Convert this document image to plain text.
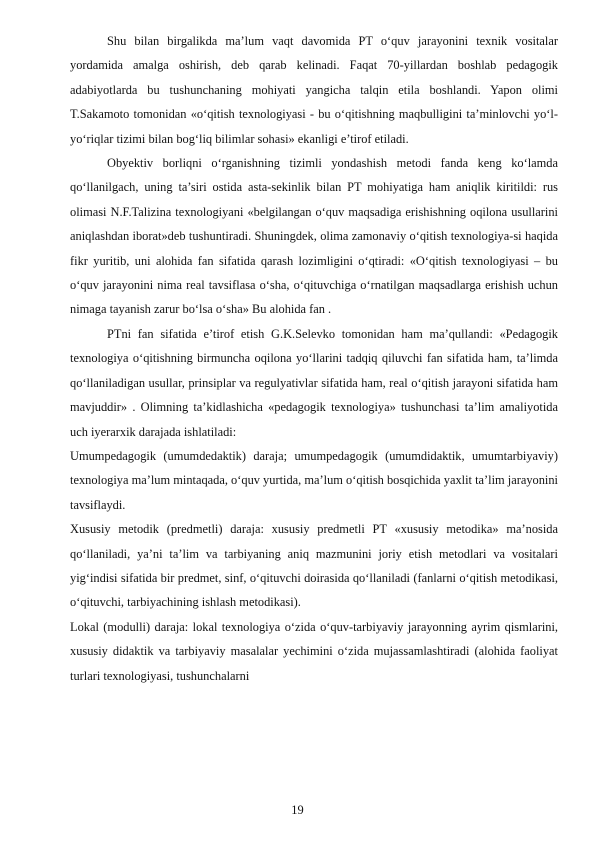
Shu bilan birgalikda ma’lum vaqt davomida PT o‘quv jarayonini texnik vositalar yordamida amalga oshirish, deb qarab kelinadi. Faqat 70-yillardan boshlab pedagogik adabiyotlarda bu tushunchaning mohiyati yangicha talqin etila boshlandi. Yapon olimi T.Sakamoto tomonidan «o‘qitish texnologiyasi - bu o‘qitishning maqbulligini ta’minlovchi yo‘l-yo‘riqlar tizimi bilan bog‘liq bilimlar sohasi» ekanligi e’tirof etiladi.

Obyektiv borliqni o‘rganishning tizimli yondashish metodi fanda keng ko‘lamda qo‘llanilgach, uning ta’siri ostida asta-sekinlik bilan PT mohiyatiga ham aniqlik kiritildi: rus olimasi N.F.Talizina texnologiyani «belgilangan o‘quv maqsadiga erishishning oqilona usullarini aniqlashdan iborat»deb tushuntiradi. Shuningdek, olima zamonaviy o‘qitish texnologiya-si haqida fikr yuritib, uni alohida fan sifatida qarash lozimligini o‘qtiradi: «O‘qitish texnologiyasi – bu o‘quv jarayonini nima real tavsiflasa o‘sha, o‘qituvchiga o‘rnatilgan maqsadlarga erishish uchun nimaga tayanish zarur bo‘lsa o‘sha» Bu alohida fan .

PTni fan sifatida e’tirof etish G.K.Selevko tomonidan ham ma’qullandi: «Pedagogik texnologiya o‘qitishning birmuncha oqilona yo‘llarini tadqiq qiluvchi fan sifatida ham, ta’limda qo‘llaniladigan usullar, prinsiplar va regulyativlar sifatida ham, real o‘qitish jarayoni sifatida ham mavjuddir» . Olimning ta’kidlashicha «pedagogik texnologiya» tushunchasi ta’lim amaliyotida uch iyerarxik darajada ishlatiladi:

Umumpedagogik (umumdedaktik) daraja; umumpedagogik (umumdidaktik, umumtarbiyaviy) texnologiya ma’lum mintaqada, o‘quv yurtida, ma’lum o‘qitish bosqichida yaxlit ta’lim jarayonini tavsiflaydi.

Xususiy metodik (predmetli) daraja: xususiy predmetli PT «xususiy metodika» ma’nosida qo‘llaniladi, ya’ni ta’lim va tarbiyaning aniq mazmunini joriy etish metodlari va vositalari yig‘indisi sifatida bir predmet, sinf, o‘qituvchi doirasida qo‘llaniladi (fanlarni o‘qitish metodikasi, o‘qituvchi, tarbiyachining ishlash metodikasi).

Lokal (modulli) daraja: lokal texnologiya o‘zida o‘quv-tarbiyaviy jarayonning ayrim qismlarini, xususiy didaktik va tarbiyaviy masalalar yechimini o‘zida mujassamlashtiradi (alohida faoliyat turlari texnologiyasi, tushunchalarni

19
